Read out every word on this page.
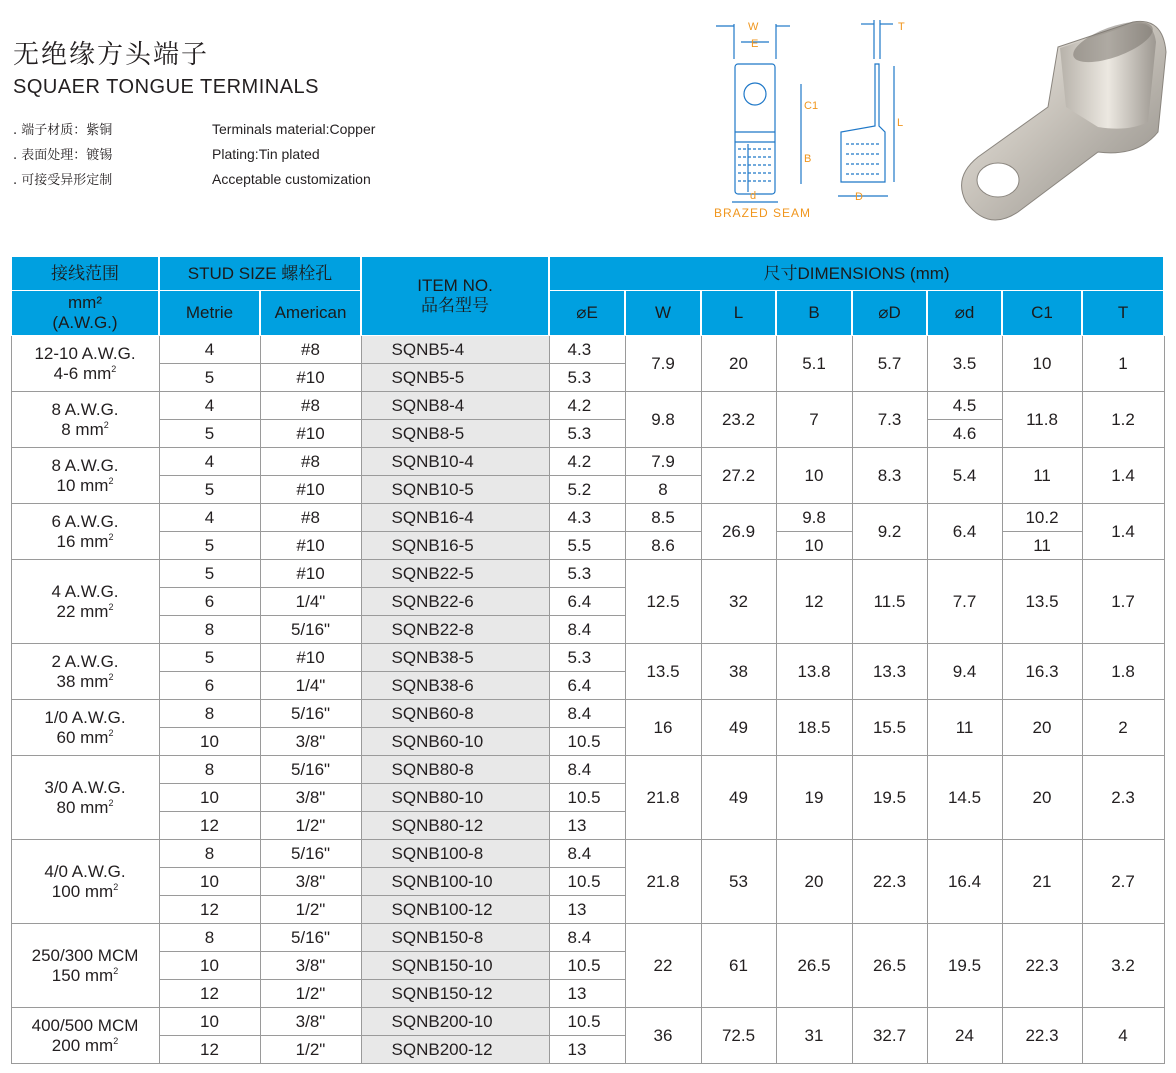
无绝缘方头端子
SQUAER TONGUE TERMINALS
. 端子材质：紫铜
. 表面处理：镀锡
. 可接受异形定制
Terminals material:Copper
Plating:Tin plated
Acceptable customization
W
E
T
C1
B
L
d	D
BRAZED SEAM
接线范围	STUD SIZE 螺栓孔		ITEM NO.
品名型号	尺寸DIMENSIONS (mm)							

mm²
(A.W.G.)	Metrie	American		⌀E	W	L	B	⌀D	⌀d	C1	T

12-10 A.W.G.
4-6 $mm^2$	4	#8	SQNB5-4	4.3	7.9	20	5.1	5.7	3.5	10	1
	5	#10	SQNB5-5	5.3							

8 A.W.G.
8 $mm^2$	4	#8	SQNB8-4	4.2	9.8	23.2	7	7.3	4.5	11.8	1.2
	5	#10	SQNB8-5	5.3					4.6		

8 A.W.G.
10 $mm^2$	4	#8	SQNB10-4	4.2	7.9	27.2	10	8.3	5.4	11	1.4
	5	#10	SQNB10-5	5.2	8						

6 A.W.G.
16 $mm^2$	4	#8	SQNB16-4	4.3	8.5	26.9	9.8	9.2	6.4	10.2	1.4
	5	#10	SQNB16-5	5.5	8.6		10			11	

4 A.W.G.
22 $mm^2$	5	#10	SQNB22-5	5.3	12.5	32	12	11.5	7.7	13.5	1.7
	6	1/4"	SQNB22-6	6.4							
	8	5/16"	SQNB22-8	8.4							

2 A.W.G.
38 $mm^2$	5	#10	SQNB38-5	5.3	13.5	38	13.8	13.3	9.4	16.3	1.8
	6	1/4"	SQNB38-6	6.4							

1/0 A.W.G.
60 $mm^2$	8	5/16"	SQNB60-8	8.4	16	49	18.5	15.5	11	20	2
	10	3/8"	SQNB60-10	10.5							

3/0 A.W.G.
80 $mm^2$	8	5/16"	SQNB80-8	8.4	21.8	49	19	19.5	14.5	20	2.3
	10	3/8"	SQNB80-10	10.5							
	12	1/2"	SQNB80-12	13							

4/0 A.W.G.
100 $mm^2$	8	5/16"	SQNB100-8	8.4	21.8	53	20	22.3	16.4	21	2.7
	10	3/8"	SQNB100-10	10.5							
	12	1/2"	SQNB100-12	13							

250/300 MCM
150 $mm^2$	8	5/16"	SQNB150-8	8.4	22	61	26.5	26.5	19.5	22.3	3.2
	10	3/8"	SQNB150-10	10.5							
	12	1/2"	SQNB150-12	13							

400/500 MCM
200 $mm^2$	10	3/8"	SQNB200-10	10.5	36	72.5	31	32.7	24	22.3	4
	12	1/2"	SQNB200-12	13							
